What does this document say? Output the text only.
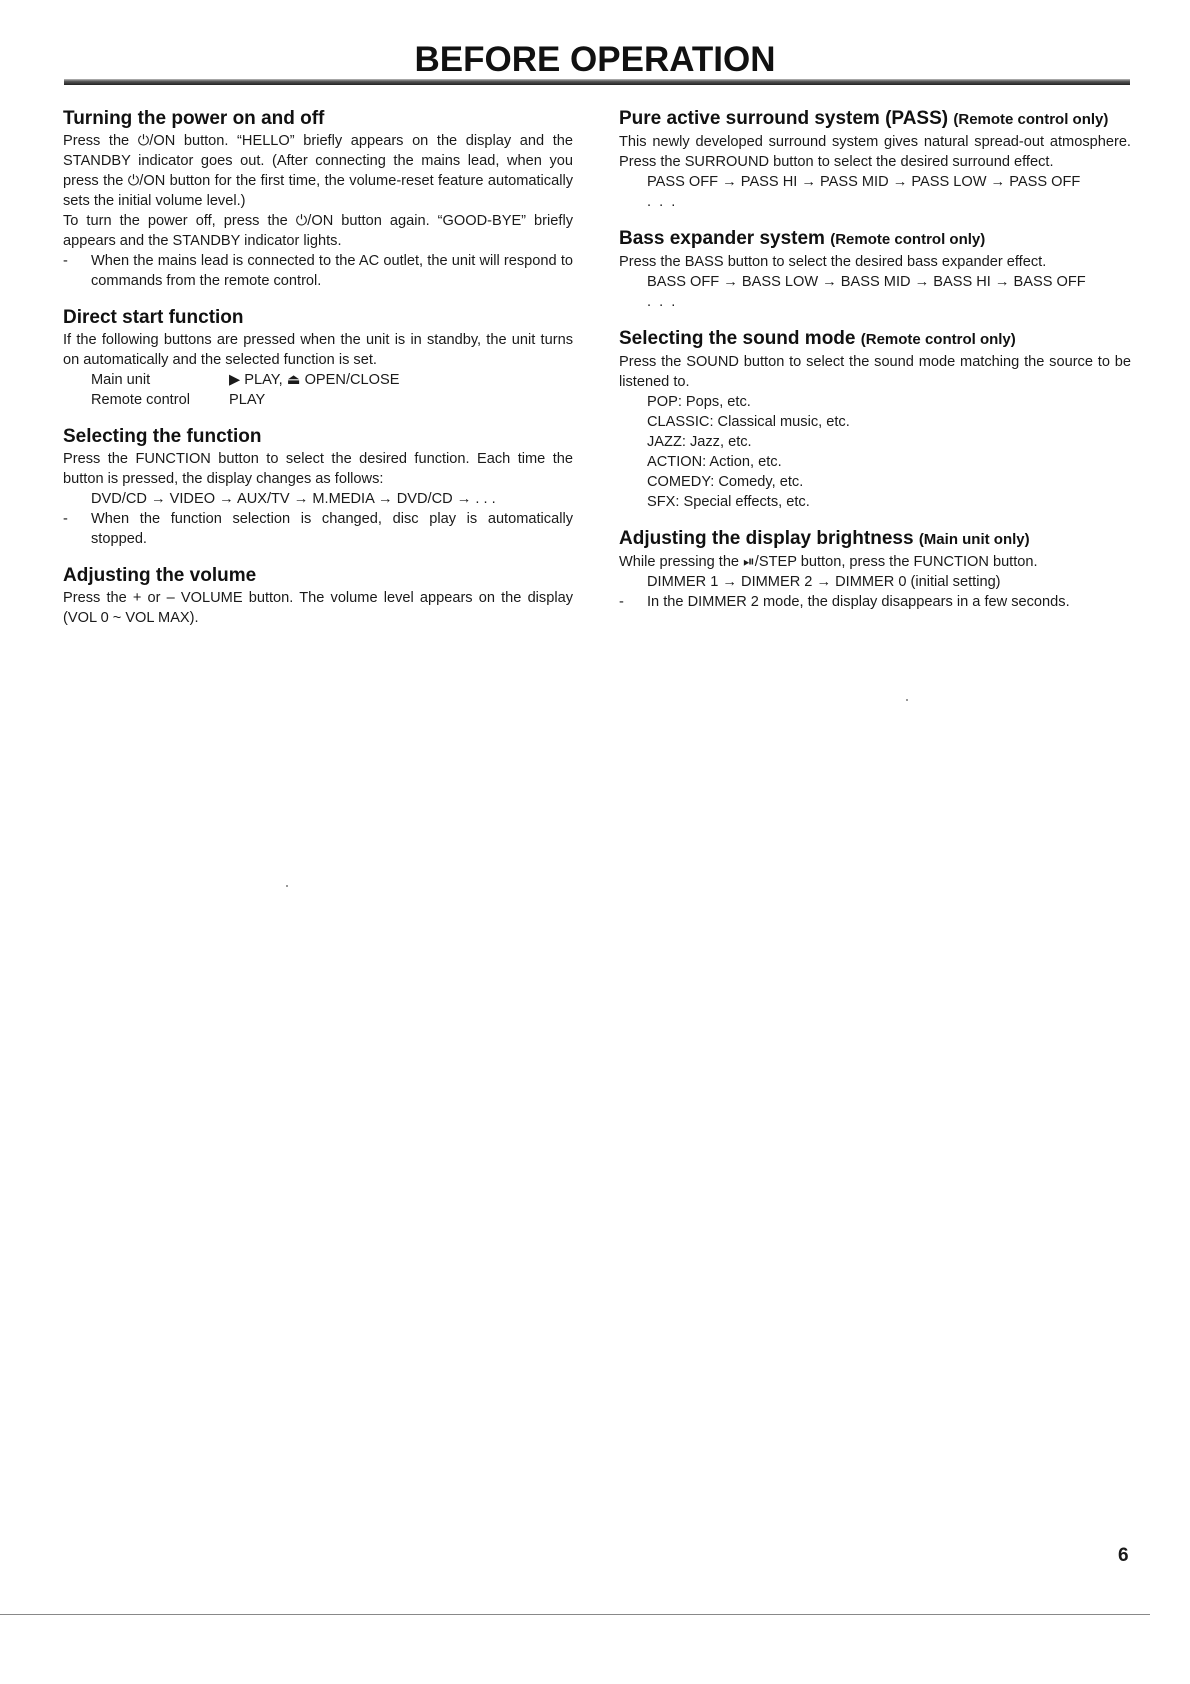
BEFORE OPERATION
Turning the power on and off

Press the ⏻/ON button. “HELLO” briefly appears on the display and the STANDBY indicator goes out. (After connecting the mains lead, when you press the ⏻/ON button for the first time, the volume-reset feature automatically sets the initial volume level.)

To turn the power off, press the ⏻/ON button again. “GOOD-BYE” briefly appears and the STANDBY indicator lights.

- When the mains lead is connected to the AC outlet, the unit will respond to commands from the remote control.
Direct start function

If the following buttons are pressed when the unit is in standby, the unit turns on automatically and the selected function is set.

Main unit	▶ PLAY, ⏏ OPEN/CLOSE
Remote control	PLAY
Selecting the function

Press the FUNCTION button to select the desired function. Each time the button is pressed, the display changes as follows:

DVD/CD → VIDEO → AUX/TV → M.MEDIA → DVD/CD → . . .
- When the function selection is changed, disc play is automatically stopped.
Adjusting the volume

Press the + or – VOLUME button. The volume level appears on the display (VOL 0 ~ VOL MAX).

Pure active surround system (PASS) (Remote control only)

This newly developed surround system gives natural spread-out atmosphere. Press the SURROUND button to select the desired surround effect.

PASS OFF → PASS HI → PASS MID → PASS LOW → PASS OFF
. . .
Bass expander system (Remote control only)

Press the BASS button to select the desired bass expander effect.

BASS OFF → BASS LOW → BASS MID → BASS HI → BASS OFF
. . .
Selecting the sound mode (Remote control only)

Press the SOUND button to select the sound mode matching the source to be listened to.

POP: Pops, etc.
CLASSIC: Classical music, etc.
JAZZ: Jazz, etc.
ACTION: Action, etc.
COMEDY: Comedy, etc.
SFX: Special effects, etc.
Adjusting the display brightness (Main unit only)

While pressing the ⏯/STEP button, press the FUNCTION button.

DIMMER 1 → DIMMER 2 → DIMMER 0 (initial setting)
- In the DIMMER 2 mode, the display disappears in a few seconds.
6
